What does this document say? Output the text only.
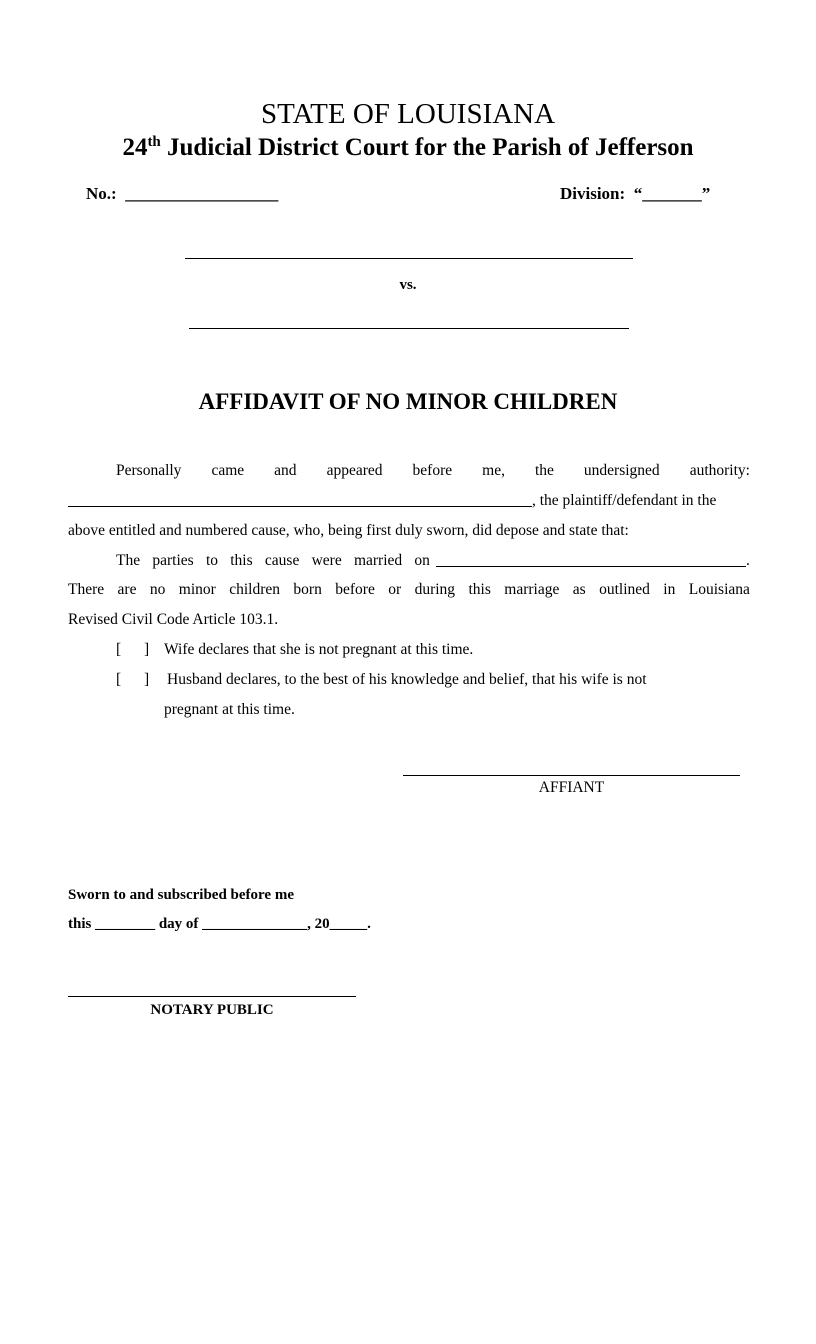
STATE OF LOUISIANA
24th Judicial District Court for the Parish of Jefferson
No.: __________________	Division: “_______”
vs.
AFFIDAVIT OF NO MINOR CHILDREN
Personally came and appeared before me, the undersigned authority:
, the plaintiff/defendant in the
above entitled and numbered cause, who, being first duly sworn, did depose and state that:
The parties to this cause were married on	.
There are no minor children born before or during this marriage as outlined in Louisiana
Revised Civil Code Article 103.1.
[ ] Wife declares that she is not pregnant at this time.
[ ] Husband declares, to the best of his knowledge and belief, that his wife is not
pregnant at this time.
AFFIANT
Sworn to and subscribed before me
this ________ day of ______________, 20_____.
NOTARY PUBLIC
